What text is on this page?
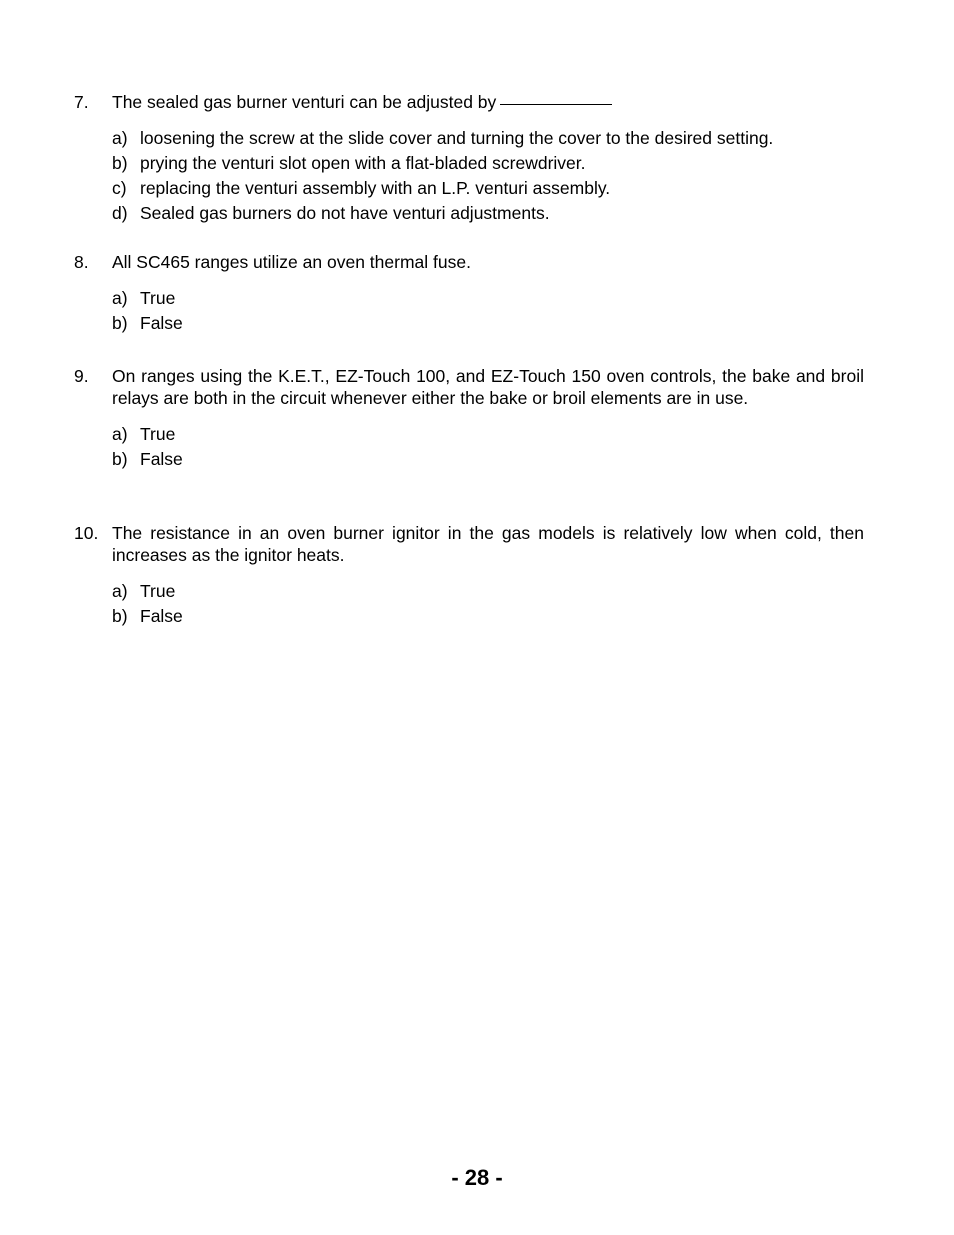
7.	The sealed gas burner venturi can be adjusted by
a) loosening the screw at the slide cover and turning the cover to the desired setting.
b) prying the venturi slot open with a flat-bladed screwdriver.
c) replacing the venturi assembly with an L.P. venturi assembly.
d) Sealed gas burners do not have venturi adjustments.
8.	All SC465 ranges utilize an oven thermal fuse.
a) True
b) False
9.	On ranges using the K.E.T., EZ-Touch 100, and EZ-Touch 150 oven controls, the bake and broil relays are both in the circuit whenever either the bake or broil elements are in use.
a) True
b) False
10. The resistance in an oven burner ignitor in the gas models is relatively low when cold, then increases as the ignitor heats.
a) True
b) False
- 28 -
